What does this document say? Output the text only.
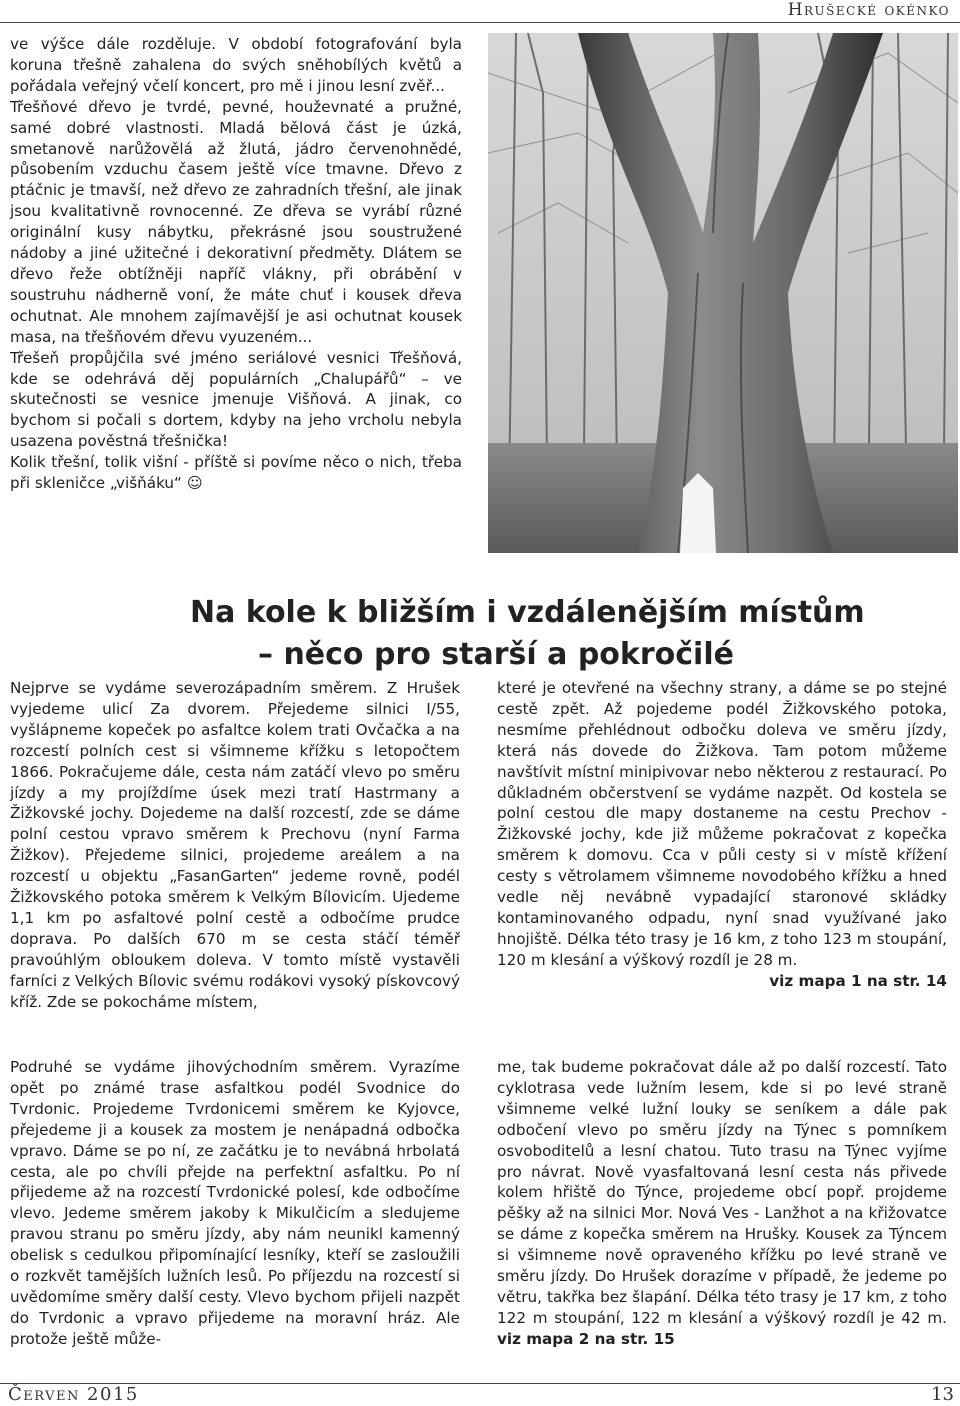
Hrušecké okénko

ve výšce dále rozděluje. V období fotografování byla koruna třešně zahalena do svých sněhobílých květů a pořádala veřejný včelí koncert, pro mě i jinou lesní zvěř...

Třešňové dřevo je tvrdé, pevné, houževnaté a pružné, samé dobré vlastnosti. Mladá bělová část je úzká, smetanově narůžovělá až žlutá, jádro červenohnědé, působením vzduchu časem ještě více tmavne. Dřevo z ptáčnic je tmavší, než dřevo ze zahradních třešní, ale jinak jsou kvalitativně rovnocenné. Ze dřeva se vyrábí různé originální kusy nábytku, překrásné jsou soustružené nádoby a jiné užitečné i dekorativní předměty. Dlátem se dřevo řeže obtížněji napříč vlákny, při obrábění v soustruhu nádherně voní, že máte chuť i kousek dřeva ochutnat. Ale mnohem zajímavější je asi ochutnat kousek masa, na třešňovém dřevu vyuzeném...

Třešeň propůjčila své jméno seriálové vesnici Třešňová, kde se odehrává děj populárních „Chalupářů“ – ve skutečnosti se vesnice jmenuje Višňová. A jinak, co bychom si počali s dortem, kdyby na jeho vrcholu nebyla usazena pověstná třešnička!

Kolik třešní, tolik višní - příště si povíme něco o nich, třeba při skleničce „višňáku“ ☺

Na kole k bližším i vzdálenějším místům
– něco pro starší a pokročilé

Nejprve se vydáme severozápadním směrem. Z Hrušek vyjedeme ulicí Za dvorem. Přejedeme silnici I/55, vyšlápneme kopeček po asfaltce kolem trati Ovčačka a na rozcestí polních cest si všimneme křížku s letopočtem 1866. Pokračujeme dále, cesta nám zatáčí vlevo po směru jízdy a my projíždíme úsek mezi tratí Hastrmany a Žižkovské jochy. Dojedeme na další rozcestí, zde se dáme polní cestou vpravo směrem k Prechovu (nyní Farma Žižkov). Přejedeme silnici, projedeme areálem a na rozcestí u objektu „FasanGarten“ jedeme rovně, podél Žižkovského potoka směrem k Velkým Bílovicím. Ujedeme 1,1 km po asfaltové polní cestě a odbočíme prudce doprava. Po dalších 670 m se cesta stáčí téměř pravoúhlým obloukem doleva. V tomto místě vystavěli farníci z Velkých Bílovic svému rodákovi vysoký pískovcový kříž. Zde se pokocháme místem,

které je otevřené na všechny strany, a dáme se po stejné cestě zpět. Až pojedeme podél Žižkovského potoka, nesmíme přehlédnout odbočku doleva ve směru jízdy, která nás dovede do Žižkova. Tam potom můžeme navštívit místní minipivovar nebo některou z restaurací. Po důkladném občerstvení se vydáme nazpět. Od kostela se polní cestou dle mapy dostaneme na cestu Prechov - Žižkovské jochy, kde již můžeme pokračovat z kopečka směrem k domovu. Cca v půli cesty si v místě křížení cesty s větrolamem všimneme novodobého křížku a hned vedle něj nevábně vypadající staronové skládky kontaminovaného odpadu, nyní snad využívané jako hnojiště. Délka této trasy je 16 km, z toho 123 m stoupání, 120 m klesání a výškový rozdíl je 28 m.

viz mapa 1 na str. 14

Podruhé se vydáme jihovýchodním směrem. Vyrazíme opět po známé trase asfaltkou podél Svodnice do Tvrdonic. Projedeme Tvrdonicemi směrem ke Kyjovce, přejedeme ji a kousek za mostem je nenápadná odbočka vpravo. Dáme se po ní, ze začátku je to nevábná hrbolatá cesta, ale po chvíli přejde na perfektní asfaltku. Po ní přijedeme až na rozcestí Tvrdonické polesí, kde odbočíme vlevo. Jedeme směrem jakoby k Mikulčicím a sledujeme pravou stranu po směru jízdy, aby nám neunikl kamenný obelisk s cedulkou připomínající lesníky, kteří se zasloužili o rozkvět tamějších lužních lesů. Po příjezdu na rozcestí si uvědomíme směry další cesty. Vlevo bychom přijeli nazpět do Tvrdonic a vpravo přijedeme na moravní hráz. Ale protože ještě může-

me, tak budeme pokračovat dále až po další rozcestí. Tato cyklotrasa vede lužním lesem, kde si po levé straně všimneme velké lužní louky se seníkem a dále pak odbočení vlevo po směru jízdy na Týnec s pomníkem osvoboditelů a lesní chatou. Tuto trasu na Týnec vyjíme pro návrat. Nově vyasfaltovaná lesní cesta nás přivede kolem hřiště do Týnce, projedeme obcí popř. projdeme pěšky až na silnici Mor. Nová Ves - Lanžhot a na křižovatce se dáme z kopečka směrem na Hrušky. Kousek za Týncem si všimneme nově opraveného křížku po levé straně ve směru jízdy. Do Hrušek dorazíme v případě, že jedeme po větru, takřka bez šlapání. Délka této trasy je 17 km, z toho 122 m stoupání, 122 m klesání a výškový rozdíl je 42 m. viz mapa 2 na str. 15

Červen 2015	13
